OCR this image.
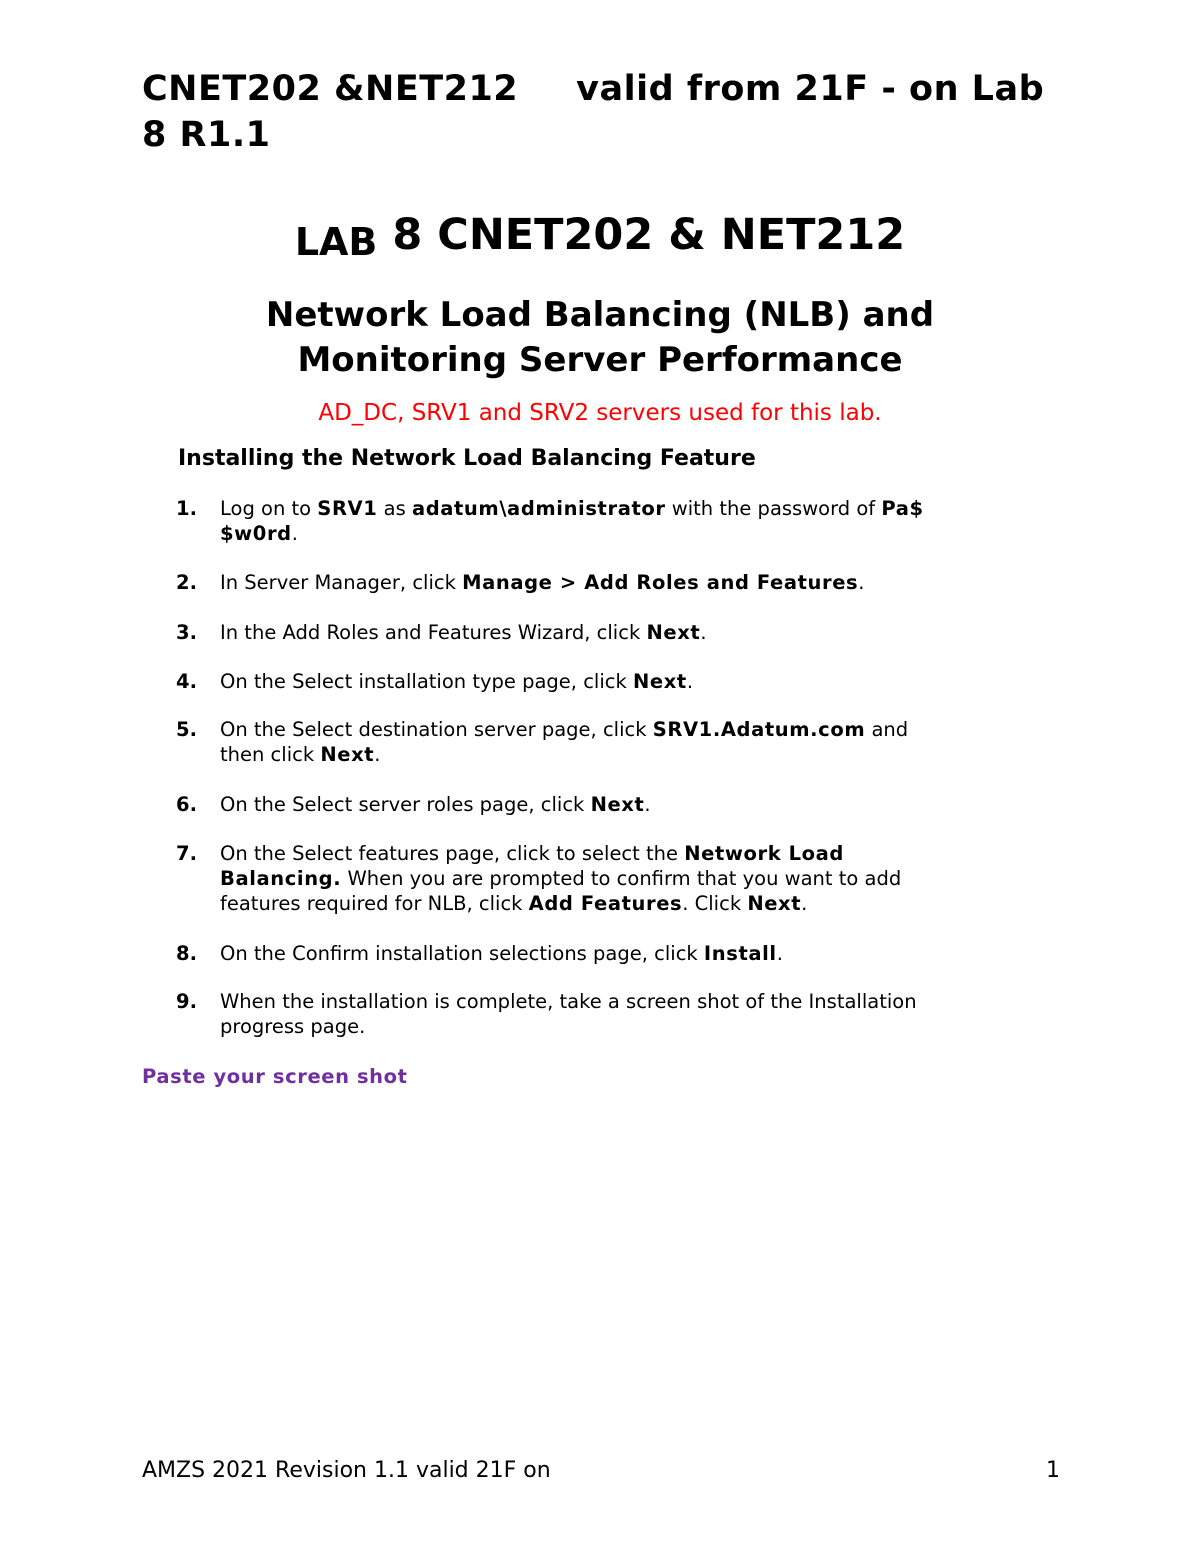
CNET202 &NET212 valid from 21F - on Lab
8 R1.1
LAB 8 CNET202 & NET212
Network Load Balancing (NLB) and
Monitoring Server Performance
AD_DC, SRV1 and SRV2 servers used for this lab.
Installing the Network Load Balancing Feature
1. Log on to SRV1 as adatum\administrator with the password of Pa$
$w0rd.
2. In Server Manager, click Manage > Add Roles and Features.
3. In the Add Roles and Features Wizard, click Next.
4. On the Select installation type page, click Next.
5. On the Select destination server page, click SRV1.Adatum.com and
then click Next.
6. On the Select server roles page, click Next.
7. On the Select features page, click to select the Network Load
Balancing. When you are prompted to confirm that you want to add
features required for NLB, click Add Features. Click Next.
8. On the Confirm installation selections page, click Install.
9. When the installation is complete, take a screen shot of the Installation
progress page.
Paste your screen shot
AMZS 2021 Revision 1.1 valid 21F on	1
